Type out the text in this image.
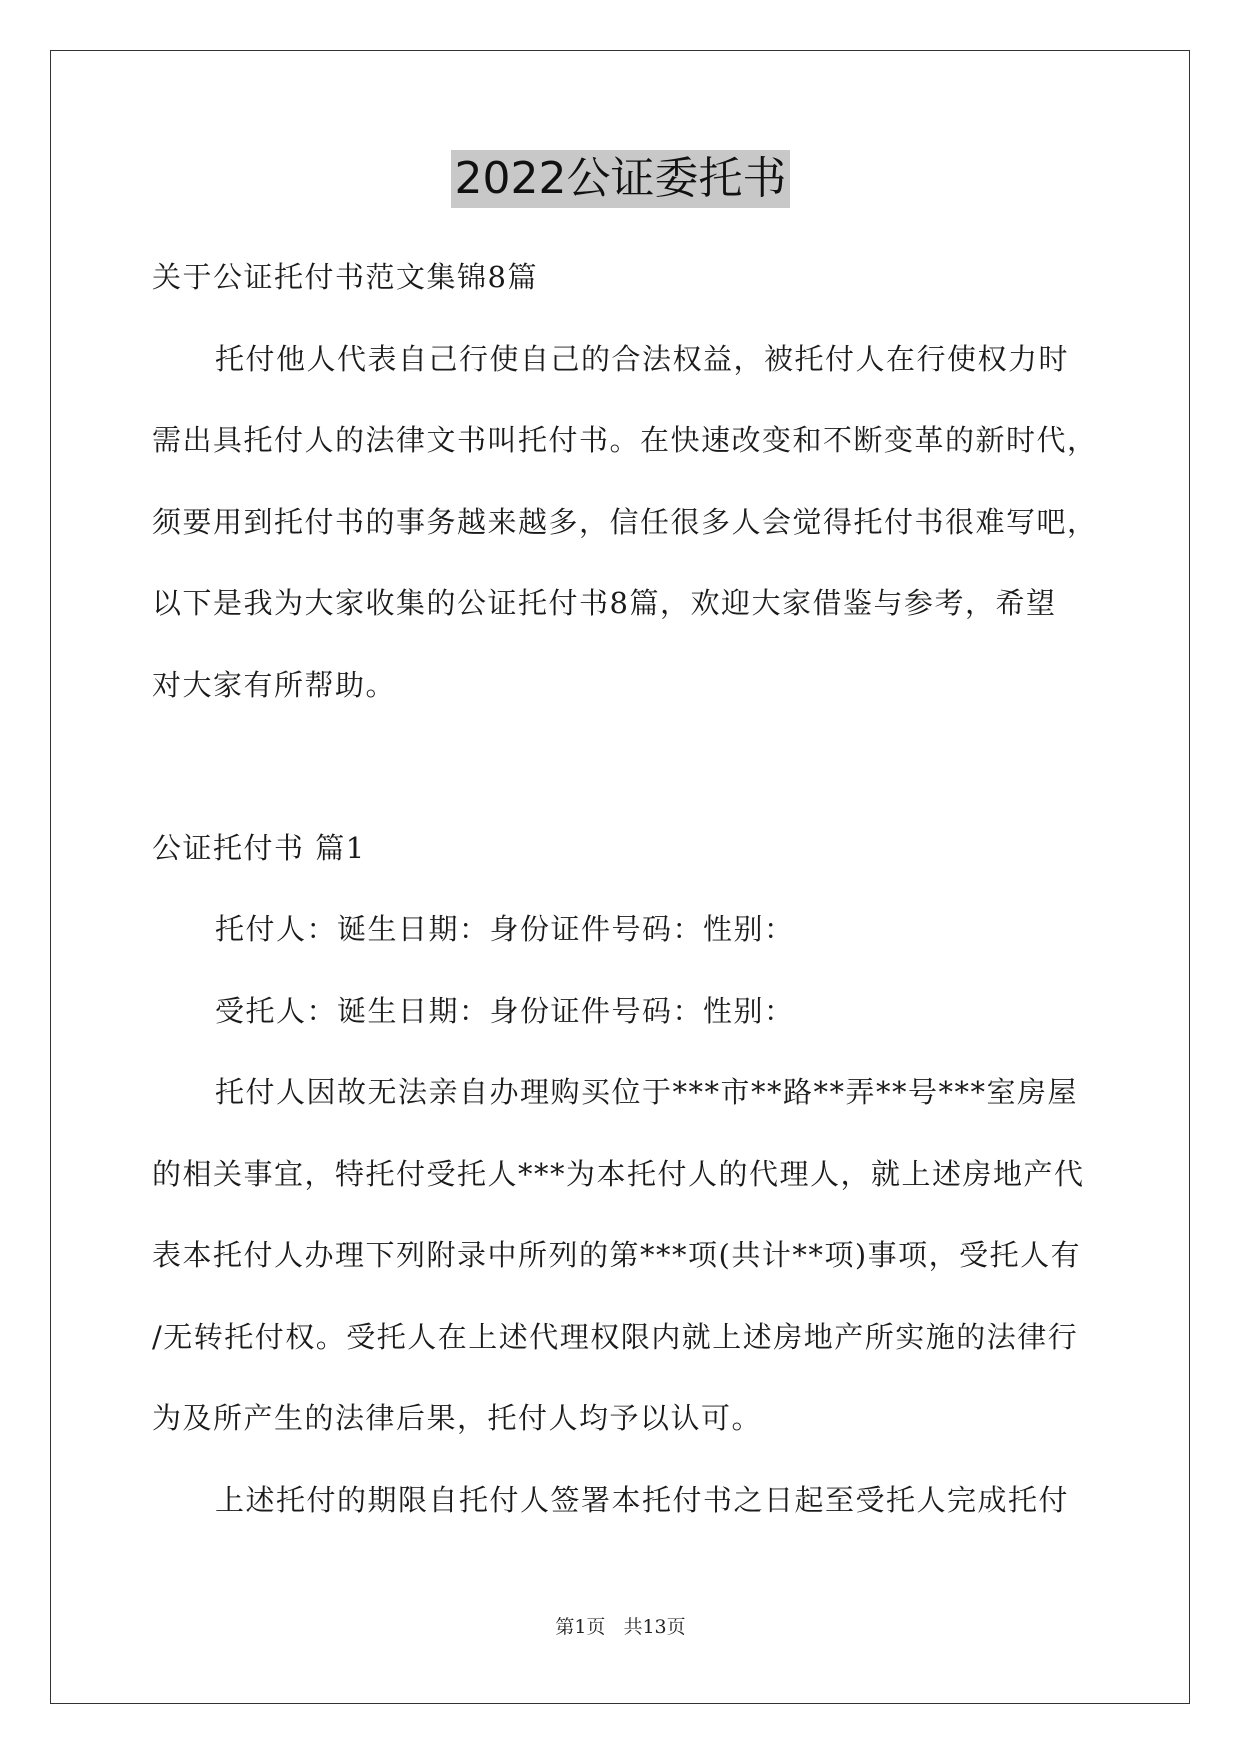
2022公证委托书
关于公证托付书范文集锦8篇
托付他人代表自己行使自己的合法权益，被托付人在行使权力时
需出具托付人的法律文书叫托付书。在快速改变和不断变革的新时代，
须要用到托付书的事务越来越多，信任很多人会觉得托付书很难写吧，
以下是我为大家收集的公证托付书8篇，欢迎大家借鉴与参考，希望
对大家有所帮助。
公证托付书 篇1
托付人：诞生日期：身份证件号码：性别：
受托人：诞生日期：身份证件号码：性别：
托付人因故无法亲自办理购买位于***市**路**弄**号***室房屋
的相关事宜，特托付受托人***为本托付人的代理人，就上述房地产代
表本托付人办理下列附录中所列的第***项(共计**项)事项，受托人有
/无转托付权。受托人在上述代理权限内就上述房地产所实施的法律行
为及所产生的法律后果，托付人均予以认可。
上述托付的期限自托付人签署本托付书之日起至受托人完成托付
第1页 共13页
